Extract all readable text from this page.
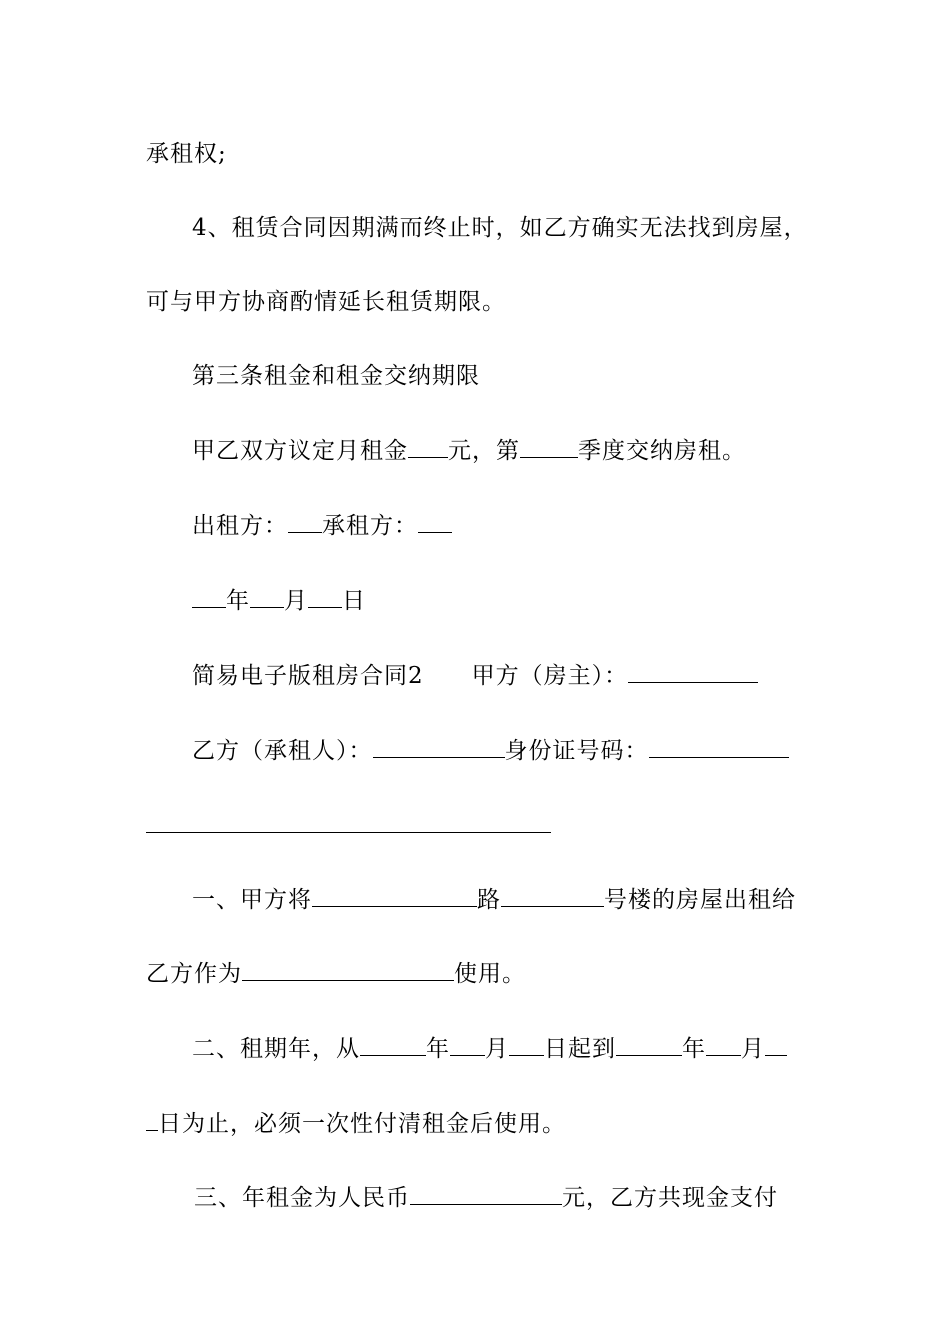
承租权;
4、租赁合同因期满而终止时，如乙方确实无法找到房屋，
可与甲方协商酌情延长租赁期限。
第三条租金和租金交纳期限
甲乙双方议定月租金 元，第	季度交纳房租。
出租方： 承租方：
年 月 日
简易电子版租房合同2 甲方（房主）：
乙方（承租人）：	身份证号码：
一、甲方将	路	号楼的房屋出租给
乙方作为	使用。
二、租期年，从	年 月 日起到	年 月
日为止，必须一次性付清租金后使用。
三、年租金为人民币	元，乙方共现金支付
